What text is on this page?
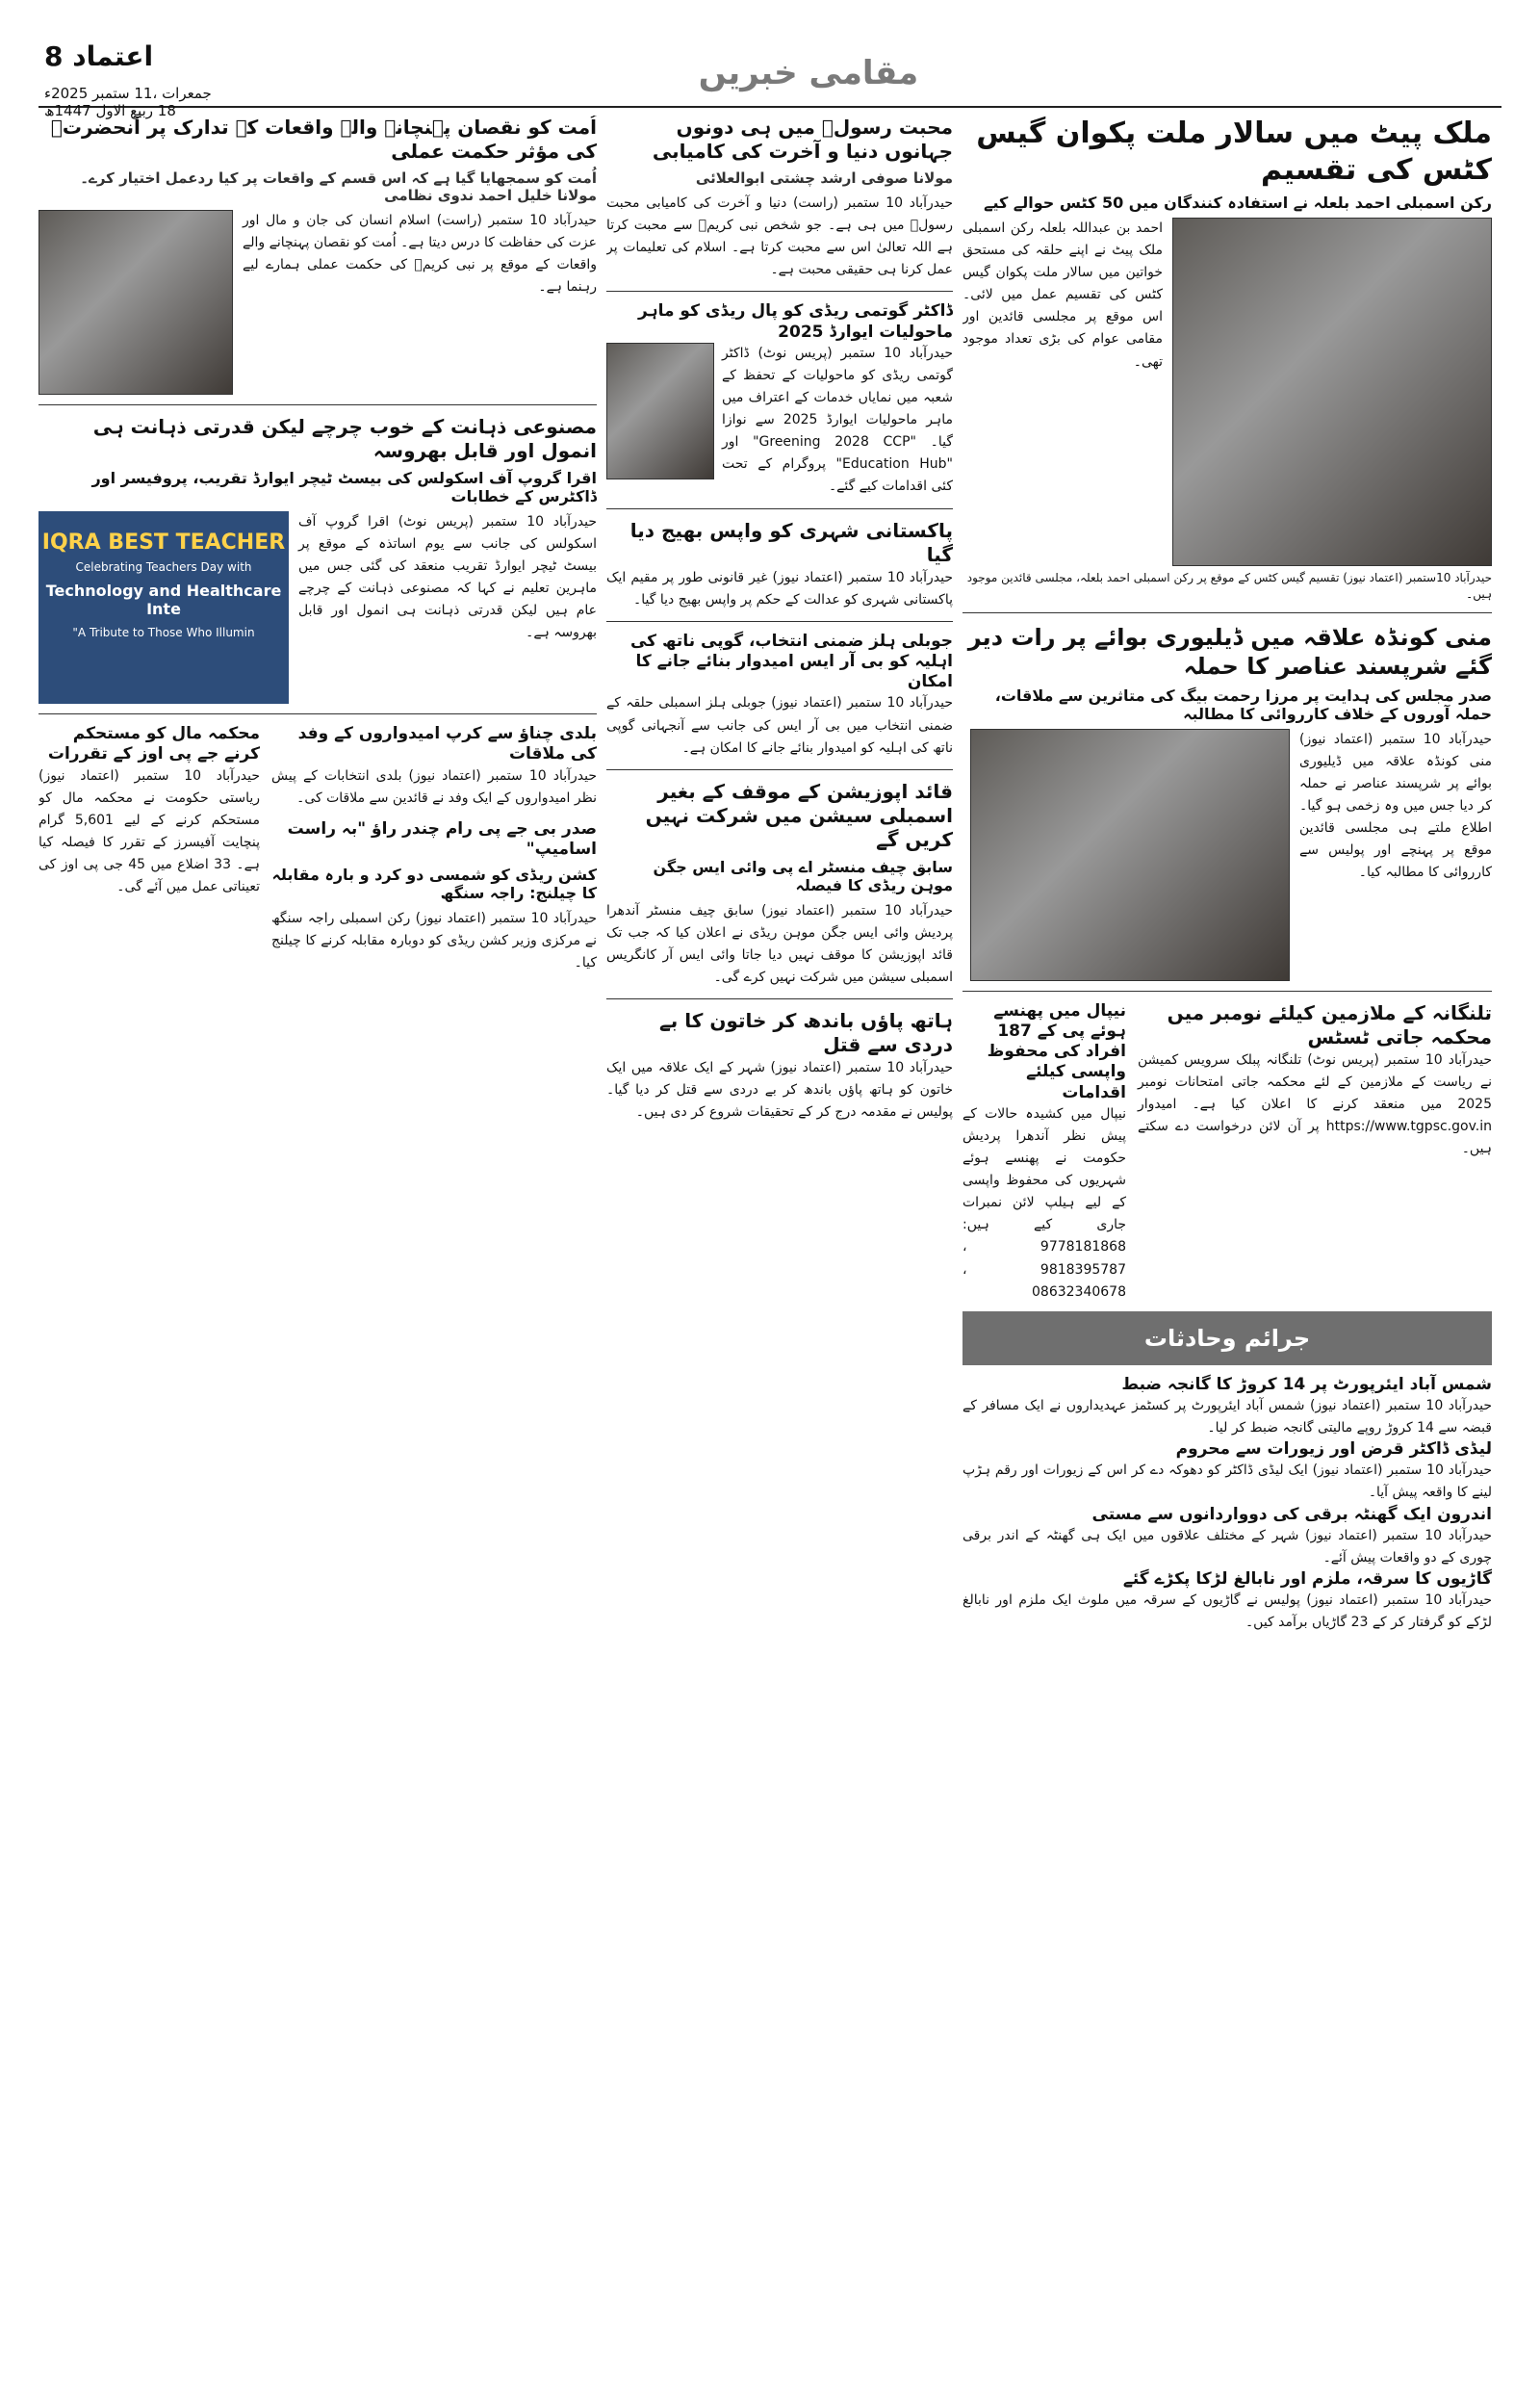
اعتماد 8
جمعرات ،11 ستمبر 2025ء
18 ربیع الاول 1447ھ
مقامی خبریں
ملک پیٹ میں سالار ملت پکوان گیس کٹس کی تقسیم
رکن اسمبلی احمد بلعلہ نے استفادہ کنندگان میں 50 کٹس حوالے کیے
احمد بن عبداللہ بلعلہ رکن اسمبلی ملک پیٹ نے اپنے حلقہ کی مستحق خواتین میں سالار ملت پکوان گیس کٹس کی تقسیم عمل میں لائی۔ اس موقع پر مجلسی قائدین اور مقامی عوام کی بڑی تعداد موجود تھی۔
حیدرآباد 10ستمبر (اعتماد نیوز) تقسیم گیس کٹس کے موقع پر رکن اسمبلی احمد بلعلہ، مجلسی قائدین موجود ہیں۔
منی کونڈہ علاقہ میں ڈیلیوری بوائے پر رات دیر گئے شرپسند عناصر کا حملہ
صدر مجلس کی ہدایت پر مرزا رحمت بیگ کی متاثرین سے ملاقات، حملہ آوروں کے خلاف کارروائی کا مطالبہ
حیدرآباد 10 ستمبر (اعتماد نیوز) منی کونڈہ علاقہ میں ڈیلیوری بوائے پر شرپسند عناصر نے حملہ کر دیا جس میں وہ زخمی ہو گیا۔ اطلاع ملتے ہی مجلسی قائدین موقع پر پہنچے اور پولیس سے کارروائی کا مطالبہ کیا۔
تلنگانہ کے ملازمین کیلئے نومبر میں محکمہ جاتی ٹسٹس
حیدرآباد 10 ستمبر (پریس نوٹ) تلنگانہ پبلک سرویس کمیشن نے ریاست کے ملازمین کے لئے محکمہ جاتی امتحانات نومبر 2025 میں منعقد کرنے کا اعلان کیا ہے۔ امیدوار https://www.tgpsc.gov.in پر آن لائن درخواست دے سکتے ہیں۔
نیپال میں پھنسے ہوئے پی کے 187 افراد کی محفوظ واپسی کیلئے اقدامات
نیپال میں کشیدہ حالات کے پیش نظر آندھرا پردیش حکومت نے پھنسے ہوئے شہریوں کی محفوظ واپسی کے لیے ہیلپ لائن نمبرات جاری کیے ہیں: 9778181868 ، 9818395787 ، 08632340678
جرائم وحادثات
شمس آباد ایئرپورٹ پر 14 کروڑ کا گانجہ ضبط
حیدرآباد 10 ستمبر (اعتماد نیوز) شمس آباد ایئرپورٹ پر کسٹمز عہدیداروں نے ایک مسافر کے قبضہ سے 14 کروڑ روپے مالیتی گانجہ ضبط کر لیا۔
لیڈی ڈاکٹر قرض اور زیورات سے محروم
حیدرآباد 10 ستمبر (اعتماد نیوز) ایک لیڈی ڈاکٹر کو دھوکہ دے کر اس کے زیورات اور رقم ہڑپ لینے کا واقعہ پیش آیا۔
اندرون ایک گھنٹہ برقی کی دوواردانوں سے مستی
حیدرآباد 10 ستمبر (اعتماد نیوز) شہر کے مختلف علاقوں میں ایک ہی گھنٹہ کے اندر برقی چوری کے دو واقعات پیش آئے۔
گاڑیوں کا سرقہ، ملزم اور نابالغ لڑکا پکڑے گئے
حیدرآباد 10 ستمبر (اعتماد نیوز) پولیس نے گاڑیوں کے سرقہ میں ملوث ایک ملزم اور نابالغ لڑکے کو گرفتار کر کے 23 گاڑیاں برآمد کیں۔
محبت رسولؐ میں ہی دونوں جہانوں دنیا و آخرت کی کامیابی
مولانا صوفی ارشد چشتی ابوالعلائی
حیدرآباد 10 ستمبر (راست) دنیا و آخرت کی کامیابی محبت رسولؐ میں ہی ہے۔ جو شخص نبی کریمؐ سے محبت کرتا ہے اللہ تعالیٰ اس سے محبت کرتا ہے۔ اسلام کی تعلیمات پر عمل کرنا ہی حقیقی محبت ہے۔
ڈاکٹر گوتمی ریڈی کو پال ریڈی کو ماہر ماحولیات ایوارڈ 2025
حیدرآباد 10 ستمبر (پریس نوٹ) ڈاکٹر گوتمی ریڈی کو ماحولیات کے تحفظ کے شعبہ میں نمایاں خدمات کے اعتراف میں ماہر ماحولیات ایوارڈ 2025 سے نوازا گیا۔ "Greening 2028 CCP" اور "Education Hub" پروگرام کے تحت کئی اقدامات کیے گئے۔
پاکستانی شہری کو واپس بھیج دیا گیا
حیدرآباد 10 ستمبر (اعتماد نیوز) غیر قانونی طور پر مقیم ایک پاکستانی شہری کو عدالت کے حکم پر واپس بھیج دیا گیا۔
جوبلی ہلز ضمنی انتخاب، گوپی ناتھ کی اہلیہ کو بی آر ایس امیدوار بنائے جانے کا امکان
حیدرآباد 10 ستمبر (اعتماد نیوز) جوبلی ہلز اسمبلی حلقہ کے ضمنی انتخاب میں بی آر ایس کی جانب سے آنجہانی گوپی ناتھ کی اہلیہ کو امیدوار بنائے جانے کا امکان ہے۔
قائد اپوزیشن کے موقف کے بغیر اسمبلی سیشن میں شرکت نہیں کریں گے
سابق چیف منسٹر اے پی وائی ایس جگن موہن ریڈی کا فیصلہ
حیدرآباد 10 ستمبر (اعتماد نیوز) سابق چیف منسٹر آندھرا پردیش وائی ایس جگن موہن ریڈی نے اعلان کیا کہ جب تک قائد اپوزیشن کا موقف نہیں دیا جاتا وائی ایس آر کانگریس اسمبلی سیشن میں شرکت نہیں کرے گی۔
ہاتھ پاؤں باندھ کر خاتون کا بے دردی سے قتل
حیدرآباد 10 ستمبر (اعتماد نیوز) شہر کے ایک علاقہ میں ایک خاتون کو ہاتھ پاؤں باندھ کر بے دردی سے قتل کر دیا گیا۔ پولیس نے مقدمہ درج کر کے تحقیقات شروع کر دی ہیں۔
اُمت کو نقصان پہنچانے والے واقعات کے تدارک پر آنحضرتؐ کی مؤثر حکمت عملی
اُمت کو سمجھایا گیا ہے کہ اس قسم کے واقعات پر کیا ردعمل اختیار کرے۔ مولانا خلیل احمد ندوی نظامی
حیدرآباد 10 ستمبر (راست) اسلام انسان کی جان و مال اور عزت کی حفاظت کا درس دیتا ہے۔ اُمت کو نقصان پہنچانے والے واقعات کے موقع پر نبی کریمؐ کی حکمت عملی ہمارے لیے رہنما ہے۔
مصنوعی ذہانت کے خوب چرچے لیکن قدرتی ذہانت ہی انمول اور قابل بھروسہ
اقرا گروپ آف اسکولس کی بیسٹ ٹیچر ایوارڈ تقریب، پروفیسر اور ڈاکٹرس کے خطابات
حیدرآباد 10 ستمبر (پریس نوٹ) اقرا گروپ آف اسکولس کی جانب سے یوم اساتذہ کے موقع پر بیسٹ ٹیچر ایوارڈ تقریب منعقد کی گئی جس میں ماہرین تعلیم نے کہا کہ مصنوعی ذہانت کے چرچے عام ہیں لیکن قدرتی ذہانت ہی انمول اور قابل بھروسہ ہے۔
IQRA BEST TEACHER
Celebrating Teachers Day with
Technology and Healthcare Inte
"A Tribute to Those Who Illumin
بلدی چناؤ سے کرپ امیدواروں کے وفد کی ملاقات
حیدرآباد 10 ستمبر (اعتماد نیوز) بلدی انتخابات کے پیش نظر امیدواروں کے ایک وفد نے قائدین سے ملاقات کی۔
صدر بی جے پی رام چندر راؤ "بہ راست اسامیپ"
کشن ریڈی کو شمسی دو کرد و بارہ مقابلہ کا چیلنج: راجہ سنگھ
حیدرآباد 10 ستمبر (اعتماد نیوز) رکن اسمبلی راجہ سنگھ نے مرکزی وزیر کشن ریڈی کو دوبارہ مقابلہ کرنے کا چیلنج کیا۔
محکمہ مال کو مستحکم کرنے جے پی اوز کے تقررات
حیدرآباد 10 ستمبر (اعتماد نیوز) ریاستی حکومت نے محکمہ مال کو مستحکم کرنے کے لیے 5,601 گرام پنچایت آفیسرز کے تقرر کا فیصلہ کیا ہے۔ 33 اضلاع میں 45 جی پی اوز کی تعیناتی عمل میں آئے گی۔
